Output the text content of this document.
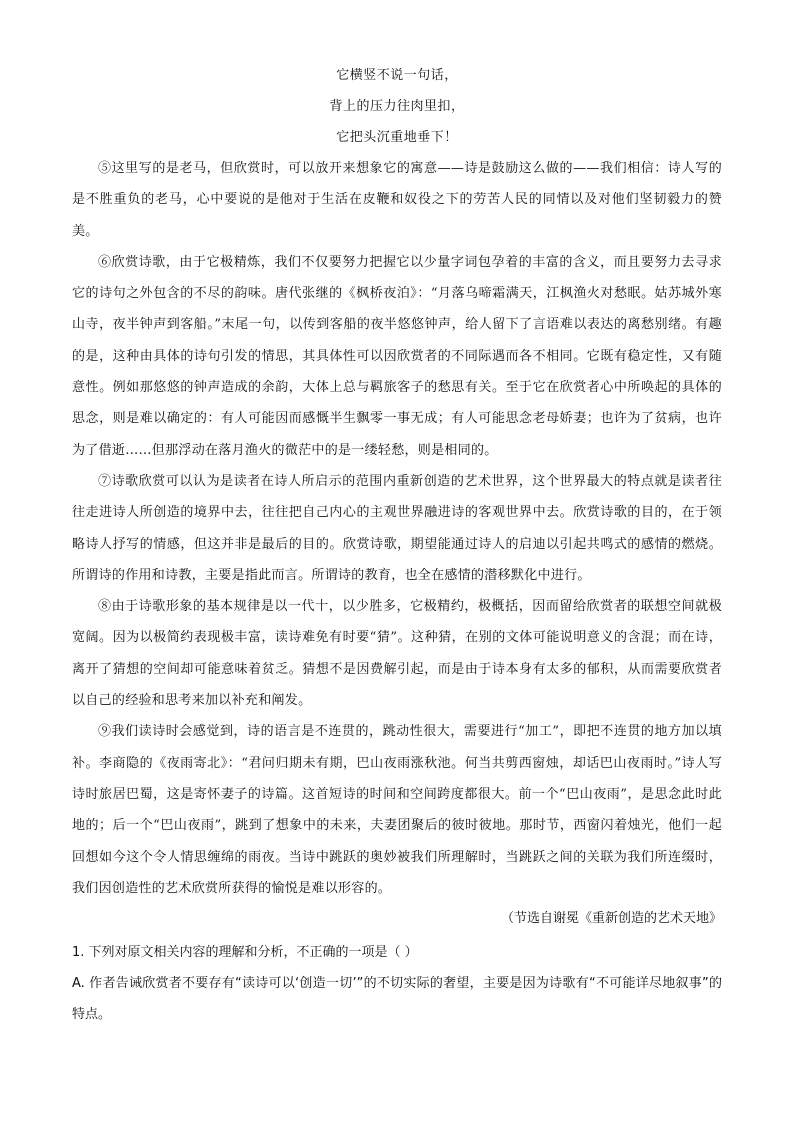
它横竖不说一句话，
背上的压力往肉里扣，
它把头沉重地垂下！

⑤这里写的是老马，但欣赏时，可以放开来想象它的寓意——诗是鼓励这么做的——我们相信：诗人写的是不胜重负的老马，心中要说的是他对于生活在皮鞭和奴役之下的劳苦人民的同情以及对他们坚韧毅力的赞美。

⑥欣赏诗歌，由于它极精炼，我们不仅要努力把握它以少量字词包孕着的丰富的含义，而且要努力去寻求它的诗句之外包含的不尽的韵味。唐代张继的《枫桥夜泊》：“月落乌啼霜满天，江枫渔火对愁眠。姑苏城外寒山寺，夜半钟声到客船。”末尾一句，以传到客船的夜半悠悠钟声，给人留下了言语难以表达的离愁别绪。有趣的是，这种由具体的诗句引发的情思，其具体性可以因欣赏者的不同际遇而各不相同。它既有稳定性，又有随意性。例如那悠悠的钟声造成的余韵，大体上总与羁旅客子的愁思有关。至于它在欣赏者心中所唤起的具体的思念，则是难以确定的：有人可能因而感慨半生飘零一事无成；有人可能思念老母娇妻；也许为了贫病，也许为了借逝……但那浮动在落月渔火的微茫中的是一缕轻愁，则是相同的。

⑦诗歌欣赏可以认为是读者在诗人所启示的范围内重新创造的艺术世界，这个世界最大的特点就是读者往往走进诗人所创造的境界中去，往往把自己内心的主观世界融进诗的客观世界中去。欣赏诗歌的目的，在于领略诗人抒写的情感，但这并非是最后的目的。欣赏诗歌，期望能通过诗人的启迪以引起共鸣式的感情的燃烧。所谓诗的作用和诗教，主要是指此而言。所谓诗的教育，也全在感情的潜移默化中进行。

⑧由于诗歌形象的基本规律是以一代十，以少胜多，它极精约，极概括，因而留给欣赏者的联想空间就极宽阔。因为以极简约表现极丰富，读诗难免有时要“猜”。这种猜，在别的文体可能说明意义的含混；而在诗，离开了猜想的空间却可能意味着贫乏。猜想不是因费解引起，而是由于诗本身有太多的郁积，从而需要欣赏者以自己的经验和思考来加以补充和阐发。

⑨我们读诗时会感觉到，诗的语言是不连贯的，跳动性很大，需要进行“加工”，即把不连贯的地方加以填补。李商隐的《夜雨寄北》：“君问归期未有期，巴山夜雨涨秋池。何当共剪西窗烛，却话巴山夜雨时。”诗人写诗时旅居巴蜀，这是寄怀妻子的诗篇。这首短诗的时间和空间跨度都很大。前一个“巴山夜雨”，是思念此时此地的；后一个“巴山夜雨”，跳到了想象中的未来，夫妻团聚后的彼时彼地。那时节，西窗闪着烛光，他们一起回想如今这个令人情思缠绵的雨夜。当诗中跳跃的奥妙被我们所理解时，当跳跃之间的关联为我们所连缀时，我们因创造性的艺术欣赏所获得的愉悦是难以形容的。

（节选自谢冕《重新创造的艺术天地》

1. 下列对原文相关内容的理解和分析，不正确的一项是（ ）

A. 作者告诫欣赏者不要存有“读诗可以‘创造一切’”的不切实际的奢望，主要是因为诗歌有“不可能详尽地叙事”的特点。
